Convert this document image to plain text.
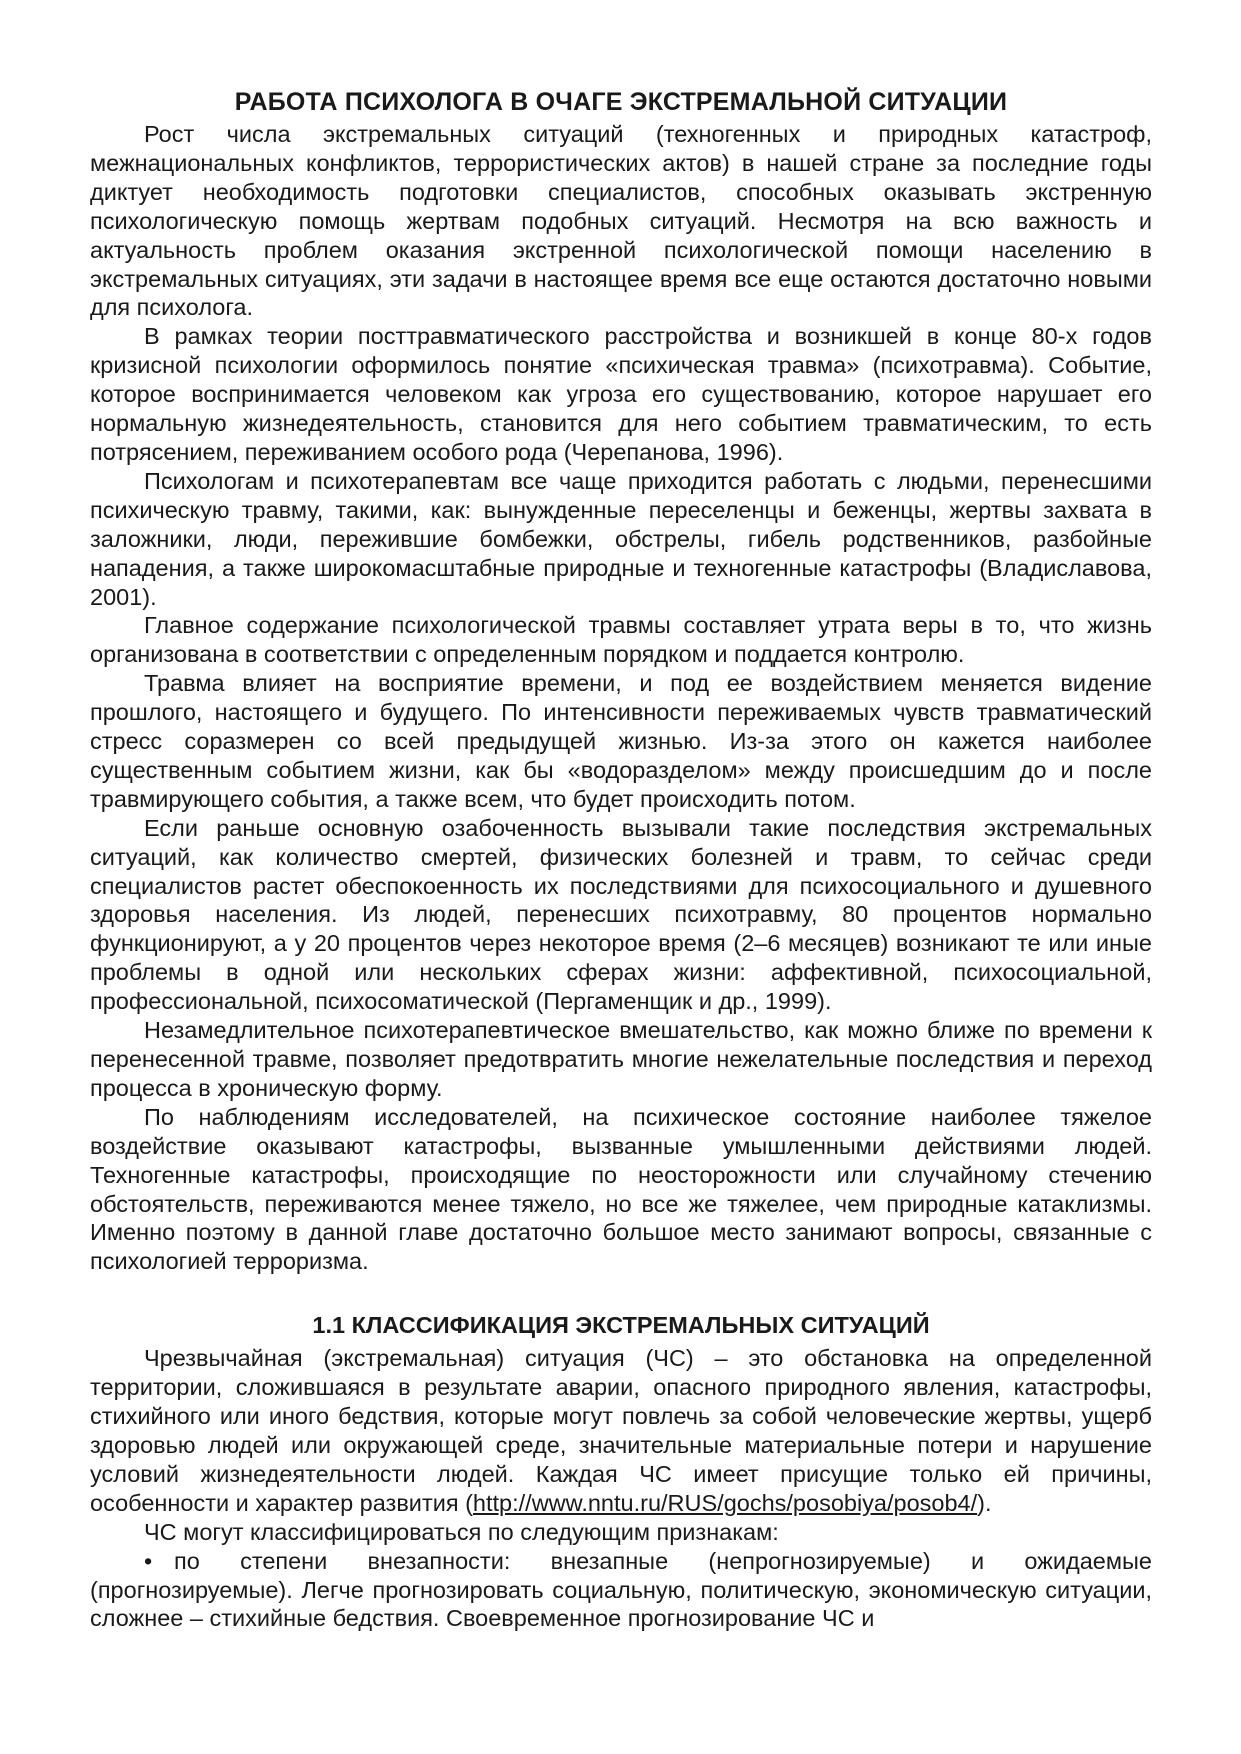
РАБОТА ПСИХОЛОГА В ОЧАГЕ ЭКСТРЕМАЛЬНОЙ СИТУАЦИИ

Рост числа экстремальных ситуаций (техногенных и природных катастроф, межнациональных конфликтов, террористических актов) в нашей стране за последние годы диктует необходимость подготовки специалистов, способных оказывать экстренную психологическую помощь жертвам подобных ситуаций. Несмотря на всю важность и актуальность проблем оказания экстренной психологической помощи населению в экстремальных ситуациях, эти задачи в настоящее время все еще остаются достаточно новыми для психолога.

В рамках теории посттравматического расстройства и возникшей в конце 80-х годов кризисной психологии оформилось понятие «психическая травма» (психотравма). Событие, которое воспринимается человеком как угроза его существованию, которое нарушает его нормальную жизнедеятельность, становится для него событием травматическим, то есть потрясением, переживанием особого рода (Черепанова, 1996).

Психологам и психотерапевтам все чаще приходится работать с людьми, перенесшими психическую травму, такими, как: вынужденные переселенцы и беженцы, жертвы захвата в заложники, люди, пережившие бомбежки, обстрелы, гибель родственников, разбойные нападения, а также широкомасштабные природные и техногенные катастрофы (Владиславова, 2001).

Главное содержание психологической травмы составляет утрата веры в то, что жизнь организована в соответствии с определенным порядком и поддается контролю.

Травма влияет на восприятие времени, и под ее воздействием меняется видение прошлого, настоящего и будущего. По интенсивности переживаемых чувств травматический стресс соразмерен со всей предыдущей жизнью. Из-за этого он кажется наиболее существенным событием жизни, как бы «водоразделом» между происшедшим до и после травмирующего события, а также всем, что будет происходить потом.

Если раньше основную озабоченность вызывали такие последствия экстремальных ситуаций, как количество смертей, физических болезней и травм, то сейчас среди специалистов растет обеспокоенность их последствиями для психосоциального и душевного здоровья населения. Из людей, перенесших психотравму, 80 процентов нормально функционируют, а у 20 процентов через некоторое время (2–6 месяцев) возникают те или иные проблемы в одной или нескольких сферах жизни: аффективной, психосоциальной, профессиональной, психосоматической (Пергаменщик и др., 1999).

Незамедлительное психотерапевтическое вмешательство, как можно ближе по времени к перенесенной травме, позволяет предотвратить многие нежелательные последствия и переход процесса в хроническую форму.

По наблюдениям исследователей, на психическое состояние наиболее тяжелое воздействие оказывают катастрофы, вызванные умышленными действиями людей. Техногенные катастрофы, происходящие по неосторожности или случайному стечению обстоятельств, переживаются менее тяжело, но все же тяжелее, чем природные катаклизмы. Именно поэтому в данной главе достаточно большое место занимают вопросы, связанные с психологией терроризма.

1.1 КЛАССИФИКАЦИЯ ЭКСТРЕМАЛЬНЫХ СИТУАЦИЙ

Чрезвычайная (экстремальная) ситуация (ЧС) – это обстановка на определенной территории, сложившаяся в результате аварии, опасного природного явления, катастрофы, стихийного или иного бедствия, которые могут повлечь за собой человеческие жертвы, ущерб здоровью людей или окружающей среде, значительные материальные потери и нарушение условий жизнедеятельности людей. Каждая ЧС имеет присущие только ей причины, особенности и характер развития (http://www.nntu.ru/RUS/gochs/posobiya/posob4/).

ЧС могут классифицироваться по следующим признакам:

• по степени внезапности: внезапные (непрогнозируемые) и ожидаемые (прогнозируемые). Легче прогнозировать социальную, политическую, экономическую ситуации, сложнее – стихийные бедствия. Своевременное прогнозирование ЧС и
